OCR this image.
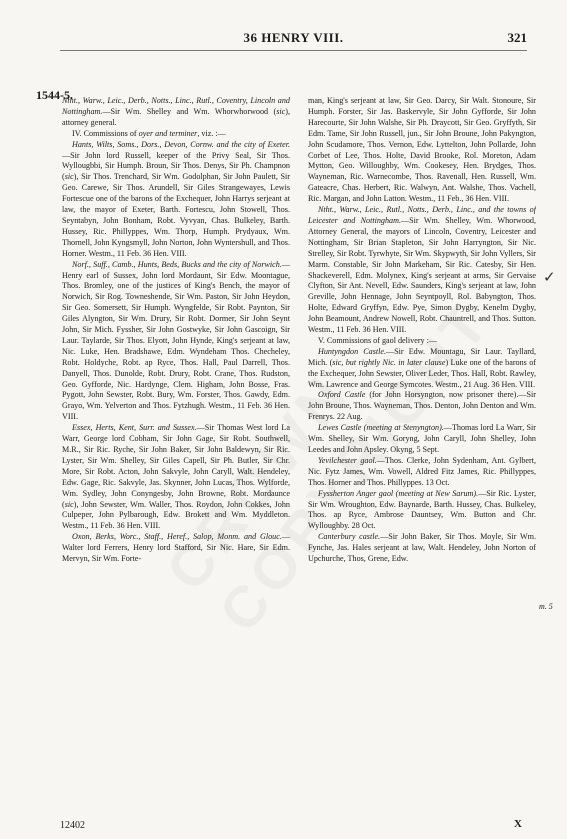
36 HENRY VIII.	321
1544-5.

Ntht., Warw., Leic., Derb., Notts., Linc., Rutl., Coventry, Lincoln and Nottingham.—Sir Wm. Shelley and Wm. Whorwhorwood (sic), attorney general.

IV. Commissions of oyer and terminer, viz. :—

Hants, Wilts, Soms., Dors., Devon, Cornw. and the city of Exeter.—Sir John lord Russell, keeper of the Privy Seal, Sir Thos. Wyllougbbi, Sir Humph. Broun, Sir Thos. Denys, Sir Ph. Champnon (sic), Sir Thos. Trenchard, Sir Wm. Godolphan, Sir John Paulett, Sir Geo. Carewe, Sir Thos. Arundell, Sir Giles Strangewayes, Lewis Fortescue one of the barons of the Exchequer, John Harrys serjeant at law, the mayor of Exeter, Barth. Fortescu, John Stowell, Thos. Seyntabyn, John Bonham, Robt. Vyvyan, Chas. Bulkeley, Barth. Hussey, Ric. Phillyppes, Wm. Thorp, Humph. Prydyaux, Wm. Thornell, John Kyngsmyll, John Norton, John Wyntershull, and Thos. Horner. Westm., 11 Feb. 36 Hen. VIII.

Norf., Suff., Camb., Hunts, Beds, Bucks and the city of Norwich.—Henry earl of Sussex, John lord Mordaunt, Sir Edw. Moontague, Thos. Bromley, one of the justices of King's Bench, the mayor of Norwich, Sir Rog. Towneshende, Sir Wm. Paston, Sir John Heydon, Sir Geo. Somersett, Sir Humph. Wyngfelde, Sir Robt. Paynton, Sir Giles Alyngton, Sir Wm. Drury, Sir Robt. Dormer, Sir John Seynt John, Sir Mich. Fyssher, Sir John Gostwyke, Sir John Gascoign, Sir Laur. Taylarde, Sir Thos. Elyott, John Hynde, King's serjeant at law, Nic. Luke, Hen. Bradshawe, Edm. Wyndeham Thos. Checheley, Robt. Holdyche, Robt. ap Ryce, Thos. Hall, Paul Darrell, Thos. Danyell, Thos. Dunolde, Robt. Drury, Robt. Crane, Thos. Rudston, Geo. Gyfforde, Nic. Hardynge, Clem. Higham, John Bosse, Fras. Pygott, John Sewster, Robt. Bury, Wm. Forster, Thos. Gawdy, Edm. Grayo, Wm. Yelverton and Thos. Fytzhugh. Westm., 11 Feb. 36 Hen. VIII.

Essex, Herts, Kent, Surr. and Sussex.—Sir Thomas West lord La Warr, George lord Cobham, Sir John Gage, Sir Robt. Southwell, M.R., Sir Ric. Ryche, Sir John Baker, Sir John Baldewyn, Sir Ric. Lyster, Sir Wm. Shelley, Sir Giles Capell, Sir Ph. Butler, Sir Chr. More, Sir Robt. Acton, John Sakvyle, John Caryll, Walt. Hendeley, Edw. Gage, Ric. Sakvyle, Jas. Skynner, John Lucas, Thos. Wylforde, Wm. Sydley, John Conyngesby, John Browne, Robt. Mordaunce (sic), John Sewster, Wm. Waller, Thos. Roydon, John Cokkes, John Culpeper, John Pylbarough, Edw. Brokett and Wm. Myddleton. Westm., 11 Feb. 36 Hen. VIII.

Oxon, Berks, Worc., Staff., Heref., Salop, Monm. and Glouc.—Walter lord Ferrers, Henry lord Stafford, Sir Nic. Hare, Sir Edm. Mervyn, Sir Wm. Forte-

man, King's serjeant at law, Sir Geo. Darcy, Sir Walt. Stonoure, Sir Humph. Forster, Sir Jas. Baskervyle, Sir John Gyfforde, Sir John Harecourte, Sir John Walshe, Sir Ph. Draycott, Sir Geo. Gryffyth, Sir Edm. Tame, Sir John Russell, jun., Sir John Broune, John Pakyngton, John Scudamore, Thos. Vernon, Edw. Lyttelton, John Pollarde, John Corbet of Lee, Thos. Holte, David Brooke, Rol. Moreton, Adam Mytton, Geo. Willoughby, Wm. Cookesey, Hen. Brydges, Thos. Wayneman, Ric. Warnecombe, Thos. Ravenall, Hen. Russell, Wm. Gateacre, Chas. Herbert, Ric. Walwyn, Ant. Walshe, Thos. Vachell, Ric. Margan, and John Latton. Westm., 11 Feb., 36 Hen. VIII.

Ntht., Warw., Leic., Rutl., Notts., Derb., Linc., and the towns of Leicester and Nottingham.—Sir Wm. Shelley, Wm. Whorwood, Attorney General, the mayors of Lincoln, Coventry, Leicester and Nottingham, Sir Brian Stapleton, Sir John Harryngton, Sir Nic. Strelley, Sir Robt. Tyrwhyte, Sir Wm. Skypwyth, Sir John Vyllers, Sir Marm. Constable, Sir John Markeham, Sir Ric. Catesby, Sir Hen. Shackeverell, Edm. Molynex, King's serjeant at arms, Sir Gervaise Clyfton, Sir Ant. Nevell, Edw. Saunders, King's serjeant at law, John Greville, John Hennage, John Seyntpoyll, Rol. Babyngton, Thos. Holte, Edward Gryffyn, Edw. Pye, Simon Dygby, Kenelm Dygby, John Beamount, Andrew Nowell, Robt. Chauntrell, and Thos. Sutton. Westm., 11 Feb. 36 Hen. VIII.

V. Commissions of gaol delivery :—

Huntyngdon Castle.—Sir Edw. Mountagu, Sir Laur. Tayllard, Mich. (sic, but rightly Nic. in later clause) Luke one of the barons of the Exchequer, John Sewster, Oliver Leder, Thos. Hall, Robt. Rawley, Wm. Lawrence and George Symcotes. Westm., 21 Aug. 36 Hen. VIII.

Oxford Castle (for John Horsyngton, now prisoner there).—Sir John Broune, Thos. Wayneman, Thos. Denton, John Denton and Wm. Frenrys. 22 Aug.

Lewes Castle (meeting at Stenyngton).—Thomas lord La Warr, Sir Wm. Shelley, Sir Wm. Goryng, John Caryll, John Shelley, John Leedes and John Apsley. Okyng, 5 Sept.

Yevilchester gaol.—Thos. Clerke, John Sydenham, Ant. Gylbert, Nic. Fytz James, Wm. Vowell, Aldred Fitz James, Ric. Phillyppes, Thos. Horner and Thos. Phillyppes. 13 Oct.

Fyssherton Anger gaol (meeting at New Sarum).—Sir Ric. Lyster, Sir Wm. Wroughton, Edw. Baynarde, Barth. Hussey, Chas. Bulkeley, Thos. ap Ryce, Ambrose Dauntsey, Wm. Button and Chr. Wylloughby. 28 Oct.

Canterbury castle.—Sir John Baker, Sir Thos. Moyle, Sir Wm. Fynche, Jas. Hales serjeant at law, Walt. Hendeley, John Norton of Upchurche, Thos, Grene, Edw.

✓
m. 5
12402	X
